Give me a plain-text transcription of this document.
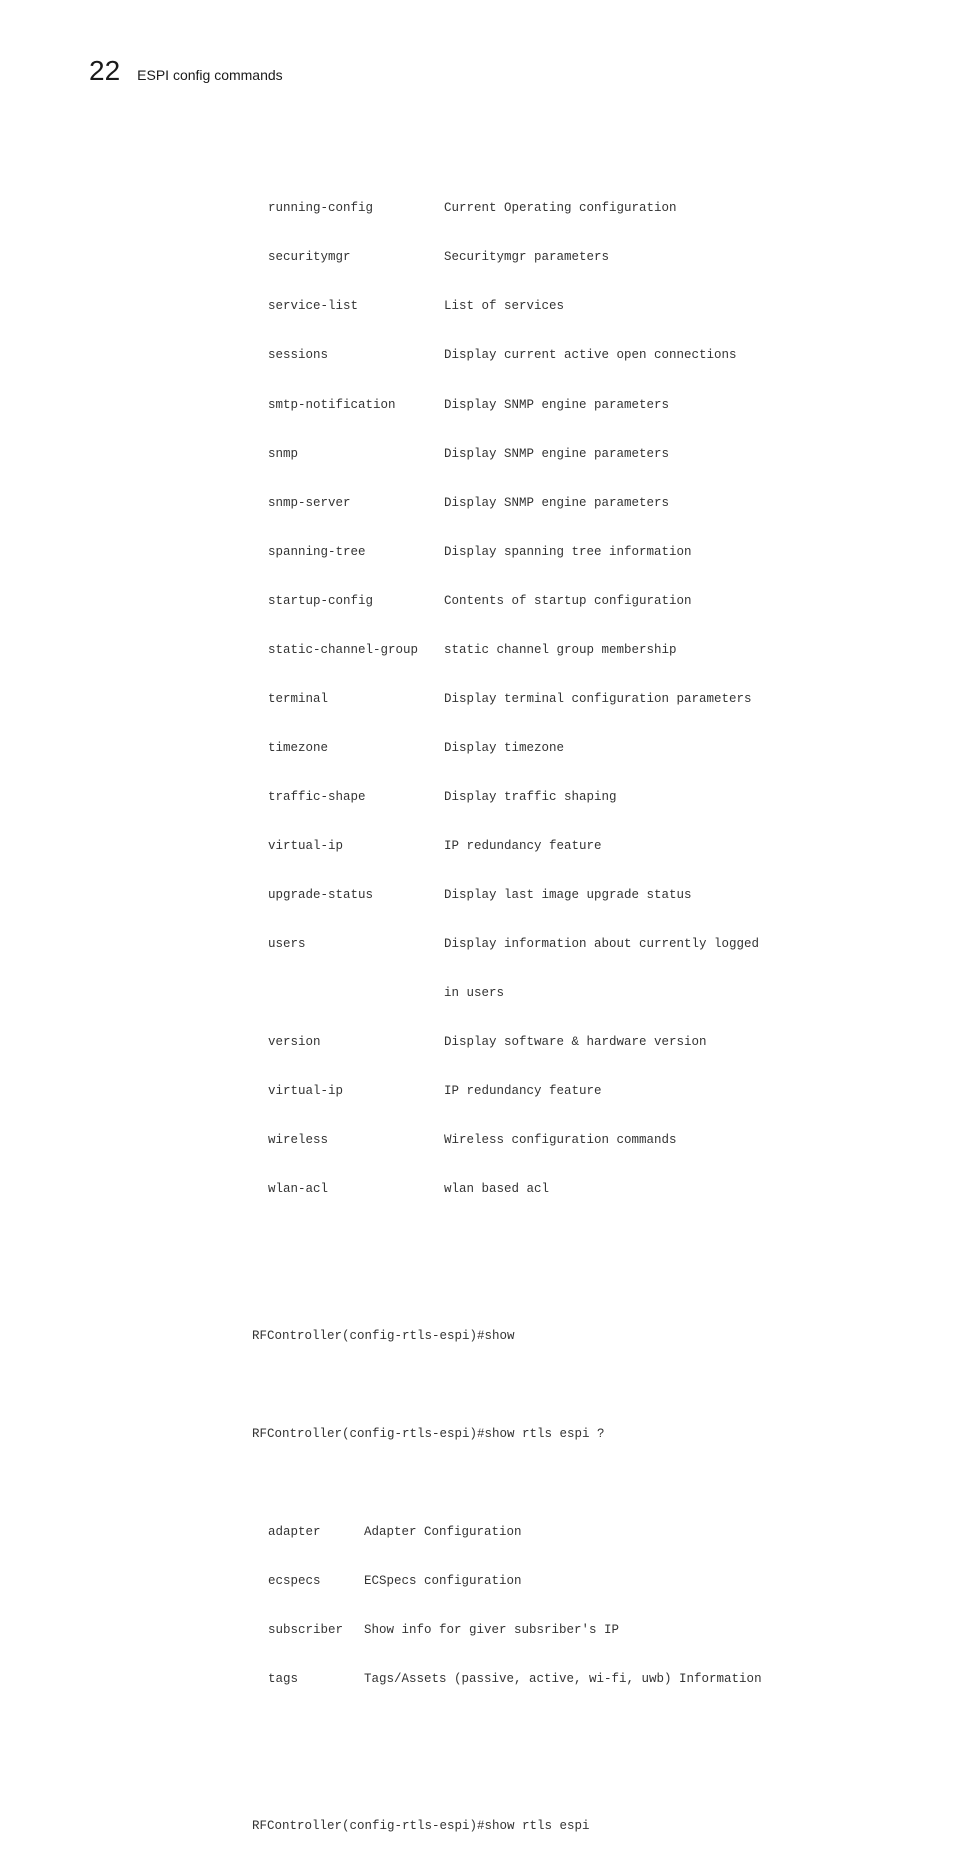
22 ESPI config commands

running-config	Current Operating configuration

securitymgr	Securitymgr parameters

service-list	List of services

sessions	Display current active open connections

smtp-notification	Display SNMP engine parameters

snmp	Display SNMP engine parameters

snmp-server	Display SNMP engine parameters

spanning-tree	Display spanning tree information

startup-config	Contents of startup configuration

static-channel-group static channel group membership

terminal	Display terminal configuration parameters

timezone	Display timezone

traffic-shape	Display traffic shaping

virtual-ip	IP redundancy feature

upgrade-status	Display last image upgrade status

users	Display information about currently logged

in users

version	Display software & hardware version

virtual-ip	IP redundancy feature

wireless	Wireless configuration commands

wlan-acl	wlan based acl

RFController(config-rtls-espi)#show

RFController(config-rtls-espi)#show rtls espi ?

adapter	Adapter Configuration

ecspecs	ECSpecs configuration

subscriber Show info for giver subsriber's IP

tags	Tags/Assets (passive, active, wi-fi, uwb) Information

RFController(config-rtls-espi)#show rtls espi
